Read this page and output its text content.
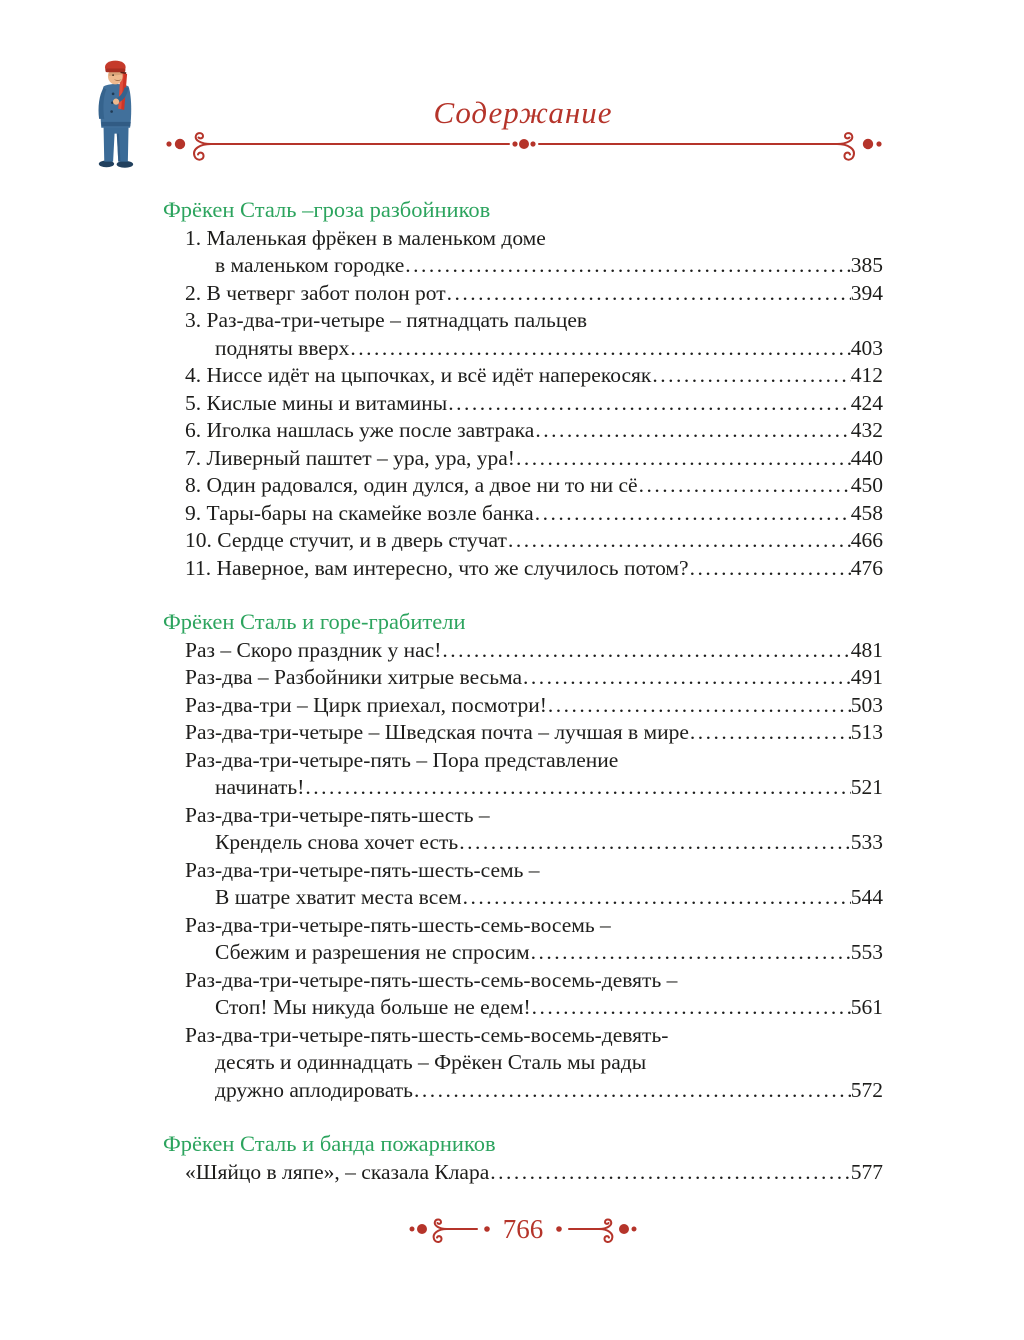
Содержание
Фрёкен Сталь –гроза разбойников
1. Маленькая фрёкен в маленьком доме
в маленьком городке .....	385
2. В четверг забот полон рот .....	394
3. Раз-два-три-четыре – пятнадцать пальцев
подняты вверх .....	403
4. Ниссе идёт на цыпочках, и всё идёт наперекосяк .....	412
5. Кислые мины и витамины .....	424
6. Иголка нашлась уже после завтрака .....	432
7. Ливерный паштет – ура, ура, ура! .....	440
8. Один радовался, один дулся, а двое ни то ни сё .....	450
9. Тары-бары на скамейке возле банка .....	458
10. Сердце стучит, и в дверь стучат .....	466
11. Наверное, вам интересно, что же случилось потом? .....	476
Фрёкен Сталь и горе-грабители
Раз – Скоро праздник у нас! .....	481
Раз-два – Разбойники хитрые весьма .....	491
Раз-два-три – Цирк приехал, посмотри! .....	503
Раз-два-три-четыре – Шведская почта – лучшая в мире .....	513
Раз-два-три-четыре-пять – Пора представление
начинать! .....	521
Раз-два-три-четыре-пять-шесть –
Крендель снова хочет есть .....	533
Раз-два-три-четыре-пять-шесть-семь –
В шатре хватит места всем .....	544
Раз-два-три-четыре-пять-шесть-семь-восемь –
Сбежим и разрешения не спросим .....	553
Раз-два-три-четыре-пять-шесть-семь-восемь-девять –
Стоп! Мы никуда больше не едем! .....	561
Раз-два-три-четыре-пять-шесть-семь-восемь-девять-
десять и одиннадцать – Фрёкен Сталь мы рады
дружно аплодировать .....	572
Фрёкен Сталь и банда пожарников
«Шяйцо в ляпе», – сказала Клара .....	577
766
